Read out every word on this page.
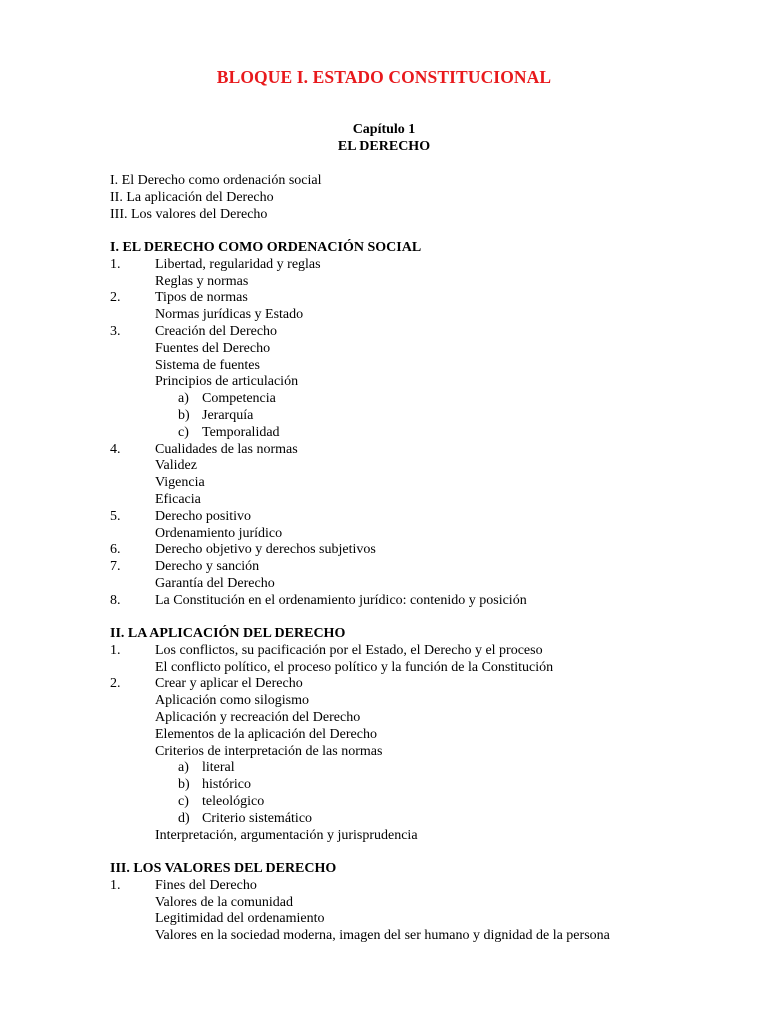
BLOQUE I. ESTADO CONSTITUCIONAL
Capítulo 1
EL DERECHO
I. El Derecho como ordenación social
II. La aplicación del Derecho
III. Los valores del Derecho
I. EL DERECHO COMO ORDENACIÓN SOCIAL
1. Libertad, regularidad y reglas
Reglas y normas
2. Tipos de normas
Normas jurídicas y Estado
3. Creación del Derecho
Fuentes del Derecho
Sistema de fuentes
Principios de articulación
a) Competencia
b) Jerarquía
c) Temporalidad
4. Cualidades de las normas
Validez
Vigencia
Eficacia
5. Derecho positivo
Ordenamiento jurídico
6. Derecho objetivo y derechos subjetivos
7. Derecho y sanción
Garantía del Derecho
8. La Constitución en el ordenamiento jurídico: contenido y posición
II. LA APLICACIÓN DEL DERECHO
1. Los conflictos, su pacificación por el Estado, el Derecho y el proceso
El conflicto político, el proceso político y la función de la Constitución
2. Crear y aplicar el Derecho
Aplicación como silogismo
Aplicación y recreación del Derecho
Elementos de la aplicación del Derecho
Criterios de interpretación de las normas
a) literal
b) histórico
c) teleológico
d) Criterio sistemático
Interpretación, argumentación y jurisprudencia
III. LOS VALORES DEL DERECHO
1. Fines del Derecho
Valores de la comunidad
Legitimidad del ordenamiento
Valores en la sociedad moderna, imagen del ser humano y dignidad de la persona
